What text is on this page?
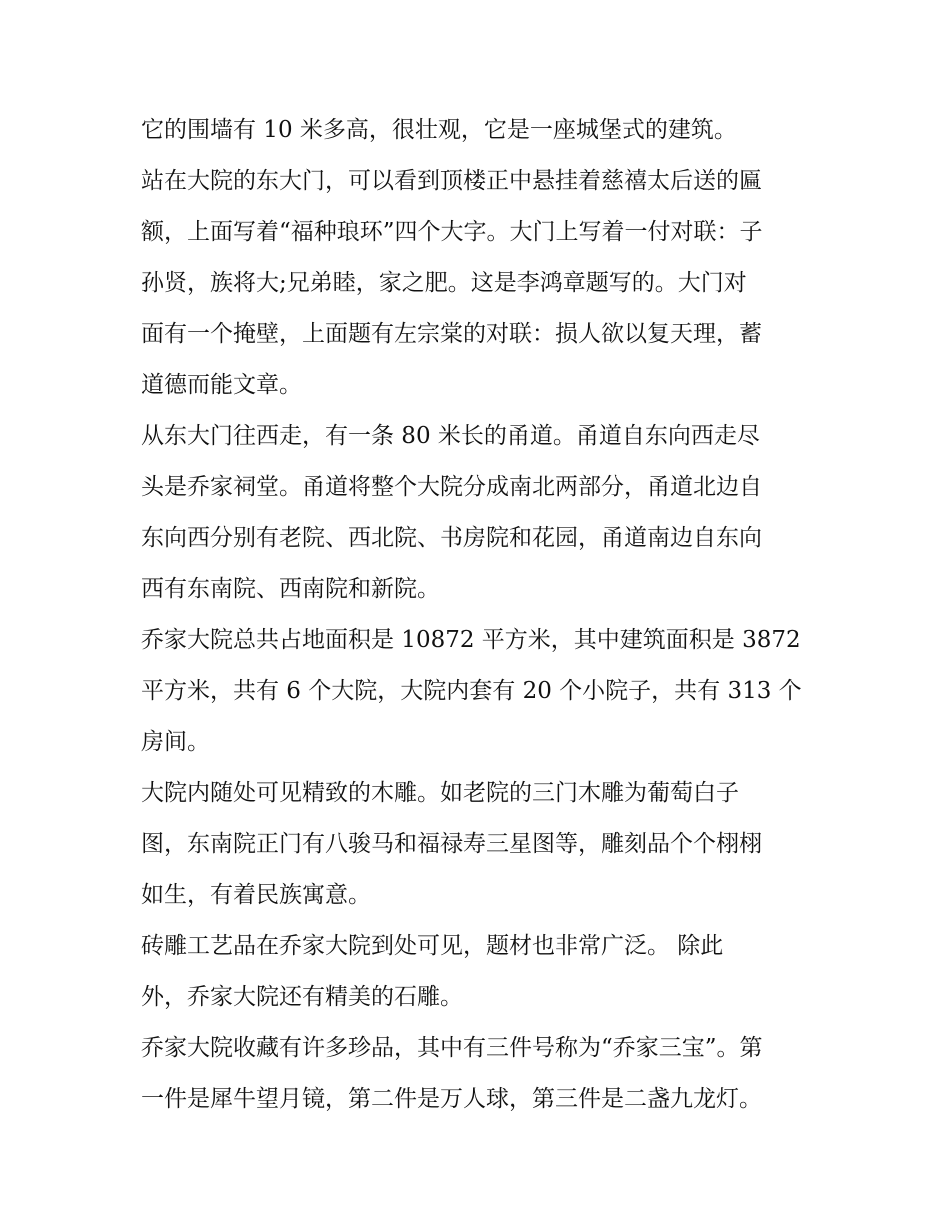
它的围墙有 10 米多高，很壮观，它是一座城堡式的建筑。
站在大院的东大门，可以看到顶楼正中悬挂着慈禧太后送的匾
额，上面写着“福种琅环”四个大字。大门上写着一付对联：子
孙贤，族将大;兄弟睦，家之肥。这是李鸿章题写的。大门对
面有一个掩壁，上面题有左宗棠的对联：损人欲以复天理，蓄
道德而能文章。
从东大门往西走，有一条 80 米长的甬道。甬道自东向西走尽
头是乔家祠堂。甬道将整个大院分成南北两部分，甬道北边自
东向西分别有老院、西北院、书房院和花园，甬道南边自东向
西有东南院、西南院和新院。
乔家大院总共占地面积是 10872 平方米，其中建筑面积是 3872
平方米，共有 6 个大院，大院内套有 20 个小院子，共有 313 个
房间。
大院内随处可见精致的木雕。如老院的三门木雕为葡萄白子
图，东南院正门有八骏马和福禄寿三星图等，雕刻品个个栩栩
如生，有着民族寓意。
砖雕工艺品在乔家大院到处可见，题材也非常广泛。 除此
外，乔家大院还有精美的石雕。
乔家大院收藏有许多珍品，其中有三件号称为“乔家三宝”。第
一件是犀牛望月镜，第二件是万人球，第三件是二盏九龙灯。
